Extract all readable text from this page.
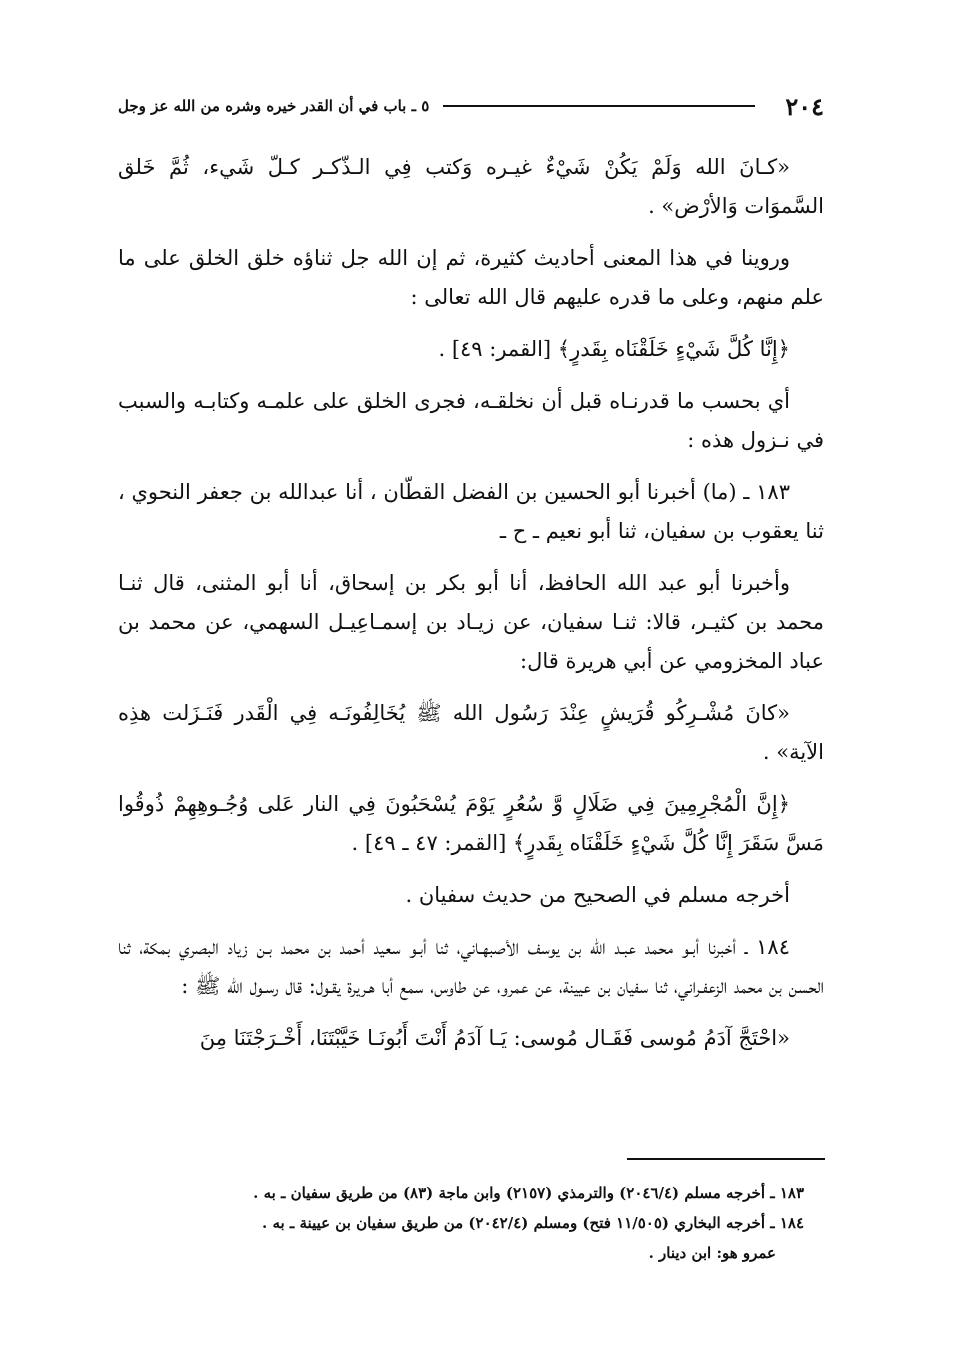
٢٠٤
٥ ـ باب في أن القدر خيره وشره من الله عز وجل

«كـانَ الله وَلَمْ يَكُنْ شَيْءٌ غيـره وَكتب فِي الـذّكـر كـلّ شَيء، ثُمَّ خَلق السَّموَات وَالأرْض» .

وروينا في هذا المعنى أحاديث كثيرة، ثم إن الله جل ثناؤه خلق الخلق على ما علم منهم، وعلى ما قدره عليهم قال الله تعالى :

﴿إِنَّا كُلَّ شَيْءٍ خَلَقْنَاه بِقَدرٍ﴾ [القمر: ٤٩] .

أي بحسب ما قدرنـاه قبل أن نخلقـه، فجرى الخلق على علمـه وكتابـه والسبب في نـزول هذه :

١٨٣ ـ (ما) أخبرنا أبو الحسين بن الفضل القطّان ، أنا عبدالله بن جعفر النحوي ، ثنا يعقوب بن سفيان، ثنا أبو نعيم ـ ح ـ

وأخبرنا أبو عبد الله الحافظ، أنا أبو بكر بن إسحاق، أنا أبو المثنى، قال ثنـا محمد بن كثيـر، قالا: ثنـا سفيان، عن زيـاد بن إسمـاعِيـل السهمي، عن محمد بن عباد المخزومي عن أبي هريرة قال:

«كانَ مُشْـرِكُو قُرَيشٍ عِنْدَ رَسُول الله ﷺ يُخَالِفُونَـه فِي الْقَدر فَنَـزَلت هذِه الآية» .

﴿إِنَّ الْمُجْرِمِينَ فِي ضَلَالٍ وَّ سُعُرٍ يَوْمَ يُسْحَبُونَ فِي النار عَلى وُجُـوهِهِمْ ذُوقُوا مَسَّ سَقَرَ إِنَّا كُلَّ شَيْءٍ خَلَقْنَاه بِقَدرٍ﴾ [القمر: ٤٧ ـ ٤٩] .

أخرجه مسلم في الصحيح من حديث سفيان .

١٨٤ ـ أخبرنا أبـو محمد عبـد الله بن يوسف الأصبهـاني، ثنا أبـو سعيد أحمد بن محمد بـن زياد البصري بمكة، ثنا الحسن بن محمد الزعفـراني، ثنا سفيان بن عيينة، عن عمرو، عن طاوس، سمع أبا هـريرة يقـول: قال رسـول الله ﷺ :

«احْتَجَّ آدَمُ مُوسى فَقَـال مُوسى: يَـا آدَمُ أَنْتَ أَبُونَـا خَيَّبْتَنَا، أَخْـرَجْتَنَا مِنَ

١٨٣ ـ أخرجه مسلم (٢٠٤٦/٤) والترمذي (٢١٥٧) وابن ماجة (٨٣) من طريق سفيان ـ به .

١٨٤ ـ أخرجه البخاري (١١/٥٠٥ فتح) ومسلم (٢٠٤٢/٤) من طريق سفيان بن عيينة ـ به .

عمرو هو: ابن دينار .
